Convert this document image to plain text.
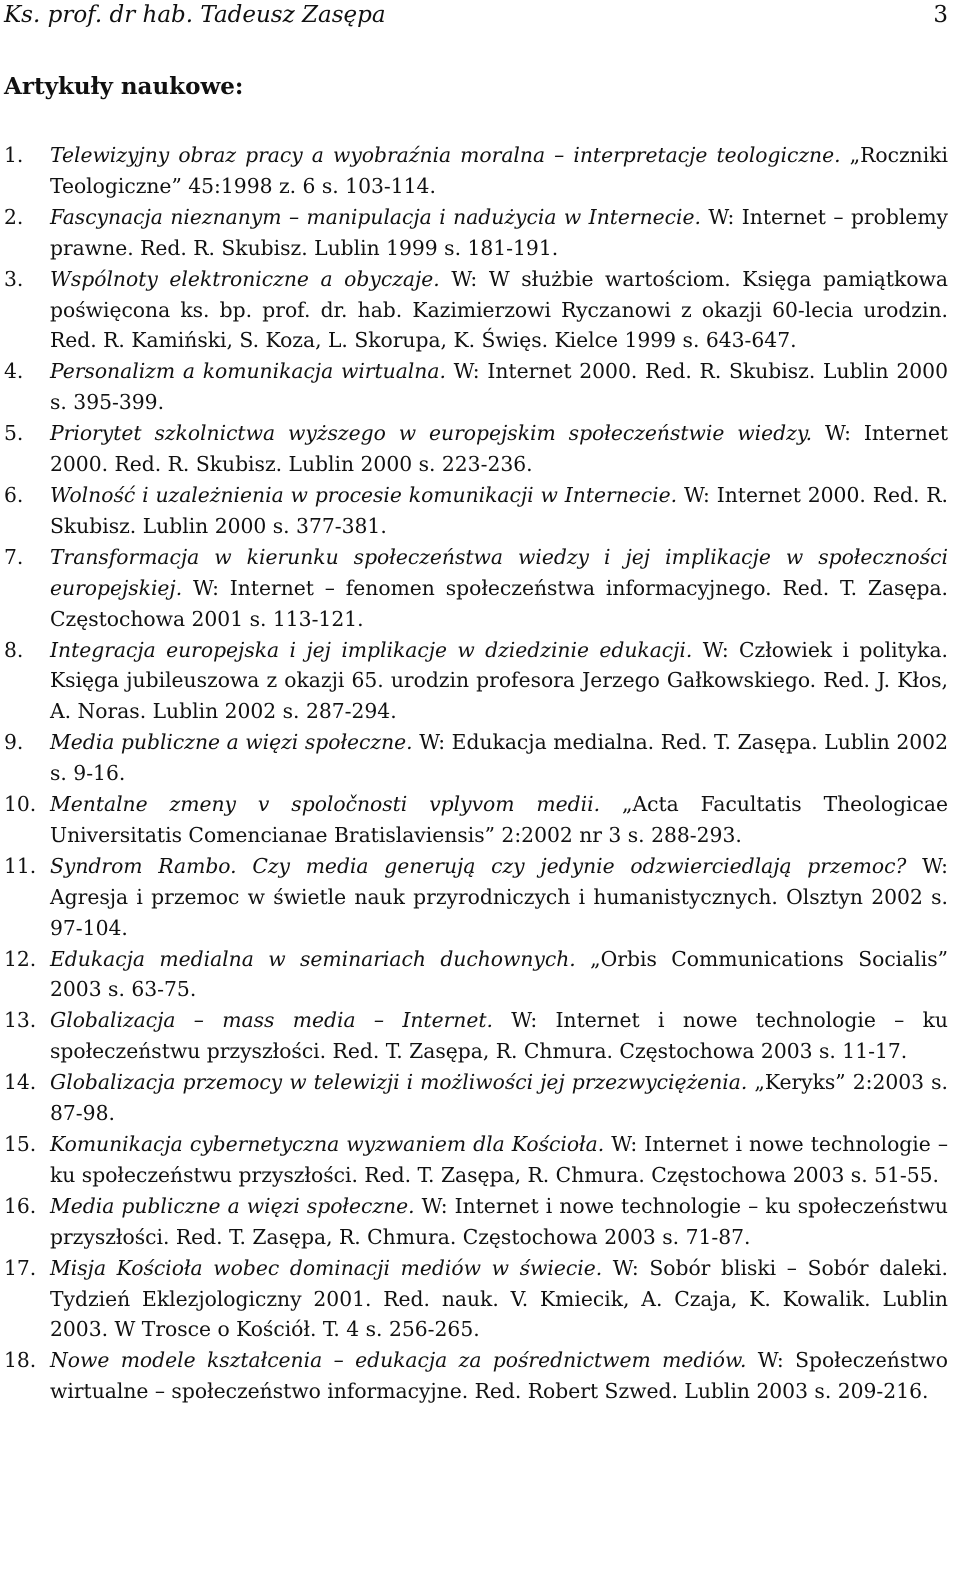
Ks. prof. dr hab. Tadeusz Zasępa	3
Artykuły naukowe:
1.	Telewizyjny obraz pracy a wyobraźnia moralna – interpretacje teologiczne. „Roczniki Teologiczne” 45:1998 z. 6 s. 103-114.
2.	Fascynacja nieznanym – manipulacja i nadużycia w Internecie. W: Internet – problemy prawne. Red. R. Skubisz. Lublin 1999 s. 181-191.
3.	Wspólnoty elektroniczne a obyczaje. W: W służbie wartościom. Księga pamiątkowa poświęcona ks. bp. prof. dr. hab. Kazimierzowi Ryczanowi z okazji 60-lecia urodzin. Red. R. Kamiński, S. Koza, L. Skorupa, K. Święs. Kielce 1999 s. 643-647.
4.	Personalizm a komunikacja wirtualna. W: Internet 2000. Red. R. Skubisz. Lublin 2000 s. 395-399.
5.	Priorytet szkolnictwa wyższego w europejskim społeczeństwie wiedzy. W: Internet 2000. Red. R. Skubisz. Lublin 2000 s. 223-236.
6.	Wolność i uzależnienia w procesie komunikacji w Internecie. W: Internet 2000. Red. R. Skubisz. Lublin 2000 s. 377-381.
7.	Transformacja w kierunku społeczeństwa wiedzy i jej implikacje w społeczności europejskiej. W: Internet – fenomen społeczeństwa informacyjnego. Red. T. Zasępa. Częstochowa 2001 s. 113-121.
8.	Integracja europejska i jej implikacje w dziedzinie edukacji. W: Człowiek i polityka. Księga jubileuszowa z okazji 65. urodzin profesora Jerzego Gałkowskiego. Red. J. Kłos, A. Noras. Lublin 2002 s. 287-294.
9.	Media publiczne a więzi społeczne. W: Edukacja medialna. Red. T. Zasępa. Lublin 2002 s. 9-16.
10. Mentalne zmeny v spoločnosti vplyvom medii. „Acta Facultatis Theologicae Universitatis Comencianae Bratislaviensis” 2:2002 nr 3 s. 288-293.
11. Syndrom Rambo. Czy media generują czy jedynie odzwierciedlają przemoc? W: Agresja i przemoc w świetle nauk przyrodniczych i humanistycznych. Olsztyn 2002 s. 97-104.
12. Edukacja medialna w seminariach duchownych. „Orbis Communications Socialis” 2003 s. 63-75.
13. Globalizacja – mass media – Internet. W: Internet i nowe technologie – ku społeczeństwu przyszłości. Red. T. Zasępa, R. Chmura. Częstochowa 2003 s. 11-17.
14. Globalizacja przemocy w telewizji i możliwości jej przezwyciężenia. „Keryks” 2:2003 s. 87-98.
15. Komunikacja cybernetyczna wyzwaniem dla Kościoła. W: Internet i nowe technologie – ku społeczeństwu przyszłości. Red. T. Zasępa, R. Chmura. Częstochowa 2003 s. 51-55.
16. Media publiczne a więzi społeczne. W: Internet i nowe technologie – ku społeczeństwu przyszłości. Red. T. Zasępa, R. Chmura. Częstochowa 2003 s. 71-87.
17. Misja Kościoła wobec dominacji mediów w świecie. W: Sobór bliski – Sobór daleki. Tydzień Eklezjologiczny 2001. Red. nauk. V. Kmiecik, A. Czaja, K. Kowalik. Lublin 2003. W Trosce o Kościół. T. 4 s. 256-265.
18. Nowe modele kształcenia – edukacja za pośrednictwem mediów. W: Społeczeństwo wirtualne – społeczeństwo informacyjne. Red. Robert Szwed. Lublin 2003 s. 209-216.
